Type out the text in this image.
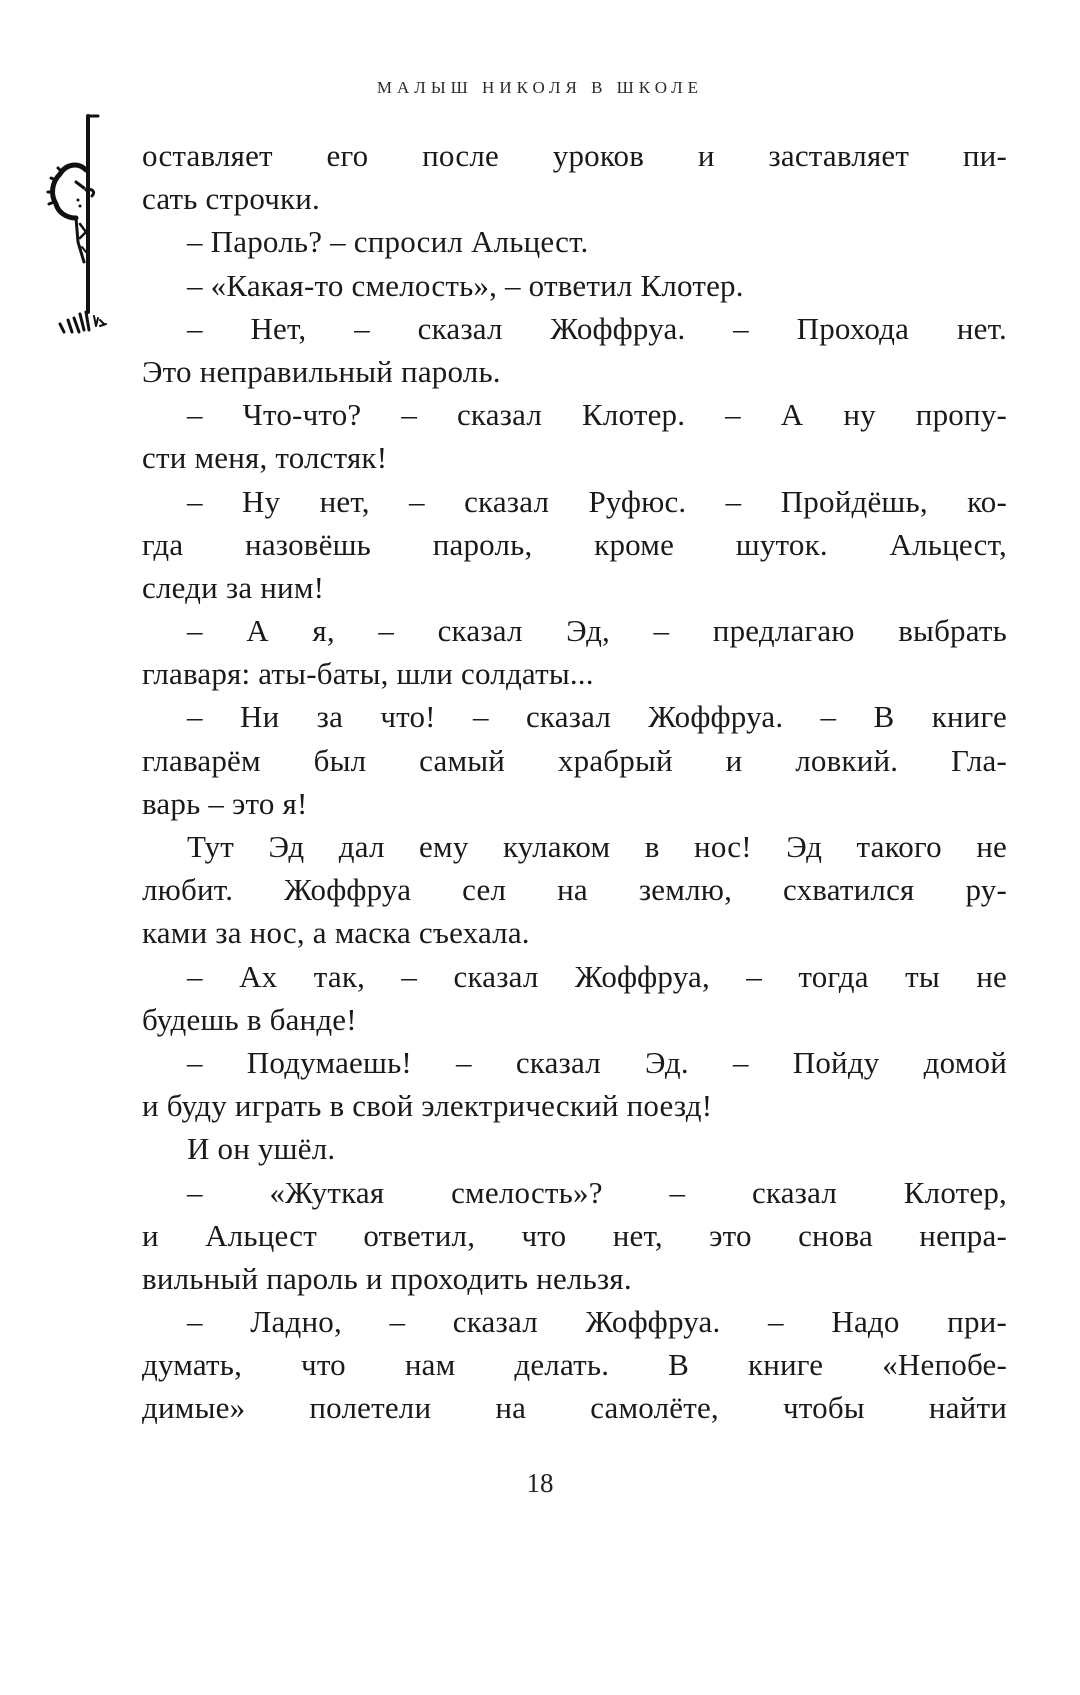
МАЛЫШ НИКОЛЯ В ШКОЛЕ
оставляет его после уроков и заставляет пи-
сать строчки.
– Пароль? – спросил Альцест.
– «Какая-то смелость», – ответил Клотер.
– Нет, – сказал Жоффруа. – Прохода нет.
Это неправильный пароль.
– Что-что? – сказал Клотер. – А ну пропу-
сти меня, толстяк!
– Ну нет, – сказал Руфюс. – Пройдёшь, ко-
гда назовёшь пароль, кроме шуток. Альцест,
следи за ним!
– А я, – сказал Эд, – предлагаю выбрать
главаря: аты-баты, шли солдаты...
– Ни за что! – сказал Жоффруа. – В книге
главарём был самый храбрый и ловкий. Гла-
варь – это я!
Тут Эд дал ему кулаком в нос! Эд такого не
любит. Жоффруа сел на землю, схватился ру-
ками за нос, а маска съехала.
– Ах так, – сказал Жоффруа, – тогда ты не
будешь в банде!
– Подумаешь! – сказал Эд. – Пойду домой
и буду играть в свой электрический поезд!
И он ушёл.
– «Жуткая смелость»? – сказал Клотер,
и Альцест ответил, что нет, это снова непра-
вильный пароль и проходить нельзя.
– Ладно, – сказал Жоффруа. – Надо при-
думать, что нам делать. В книге «Непобе-
димые» полетели на самолёте, чтобы найти
18
